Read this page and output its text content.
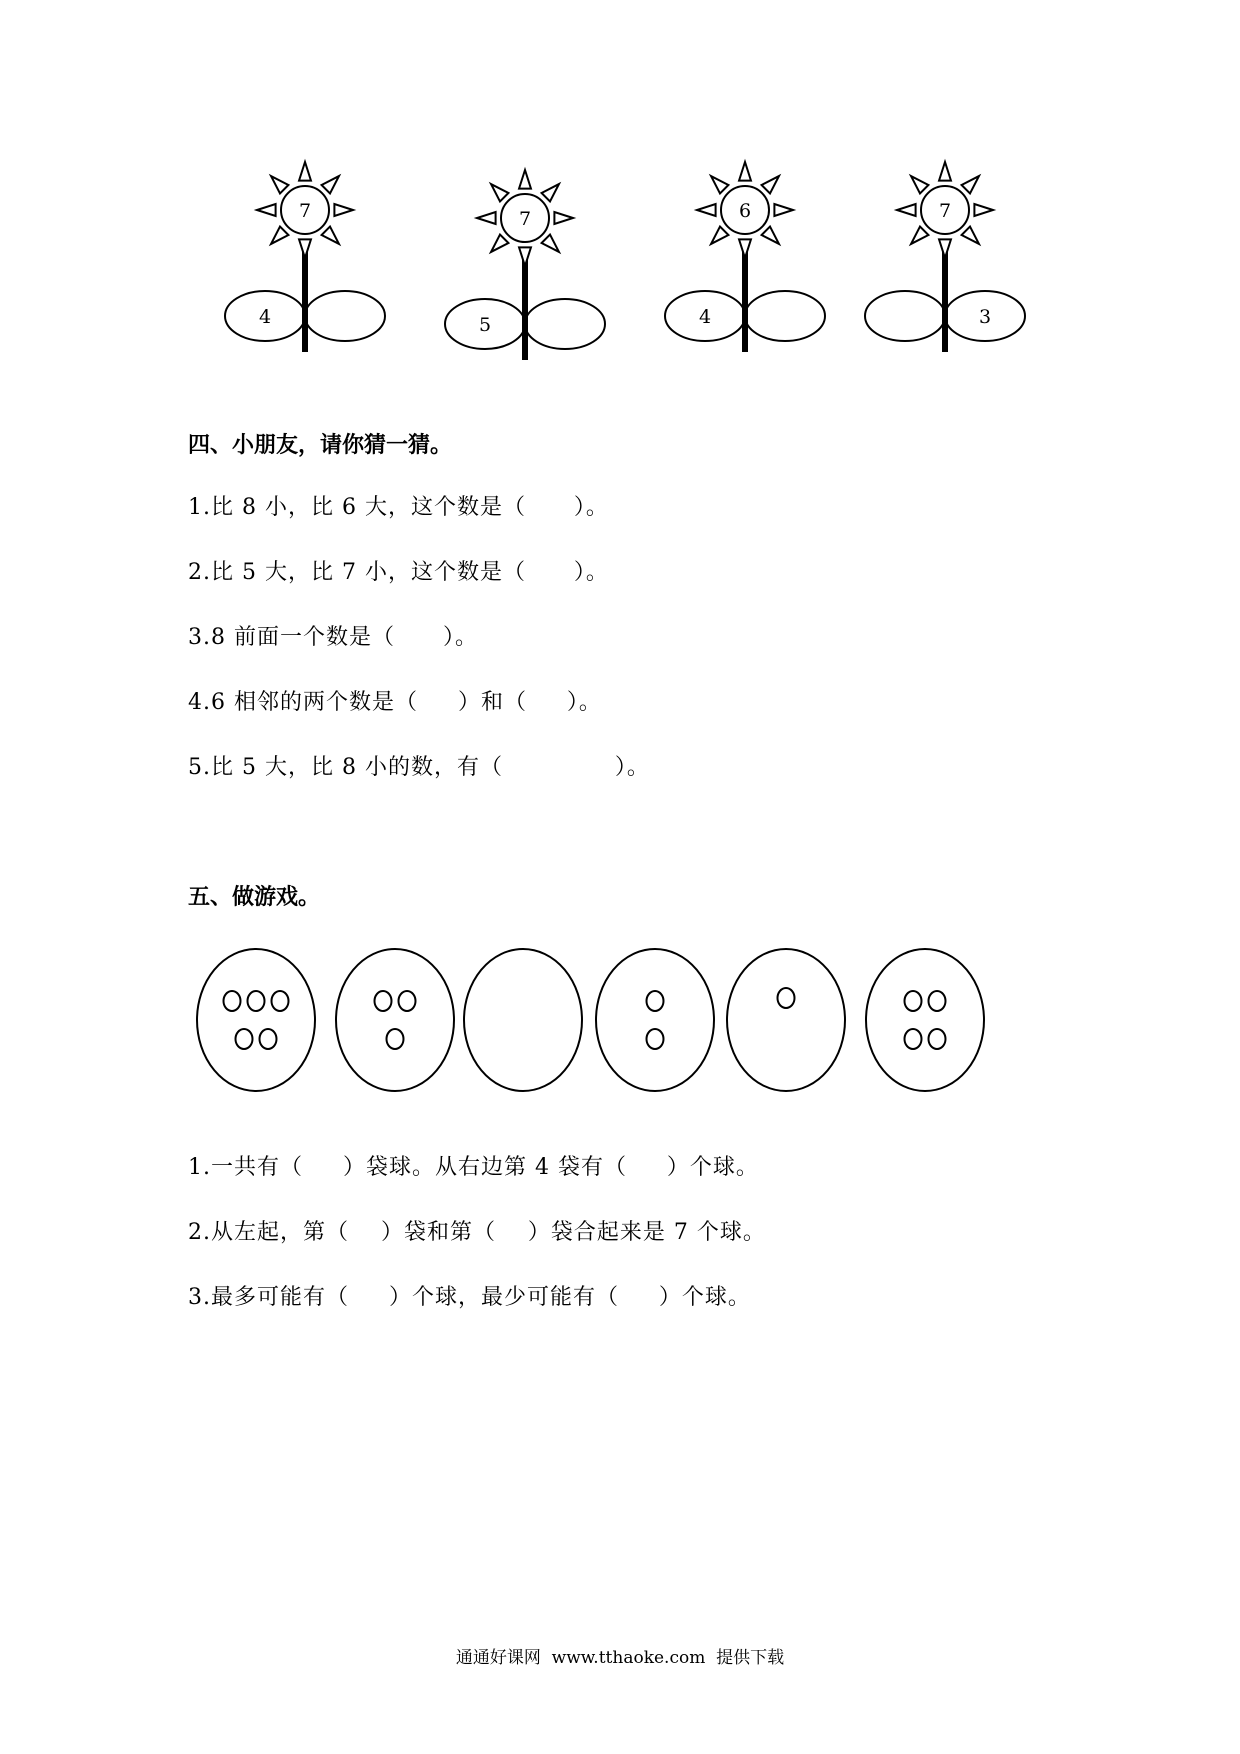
7
4
7
5
6
4
7
3
四、小朋友，请你猜一猜。

1.比 8 小，比 6 大，这个数是（      ）。

2.比 5 大，比 7 小，这个数是（      ）。

3.8 前面一个数是（      ）。

4.6 相邻的两个数是（     ）和（     ）。

5.比 5 大，比 8 小的数，有（              ）。

五、做游戏。

1.一共有（     ）袋球。从右边第 4 袋有（     ）个球。

2.从左起，第（    ）袋和第（    ）袋合起来是 7 个球。

3.最多可能有（     ）个球，最少可能有（     ）个球。

通通好课网  www.tthaoke.com  提供下载
